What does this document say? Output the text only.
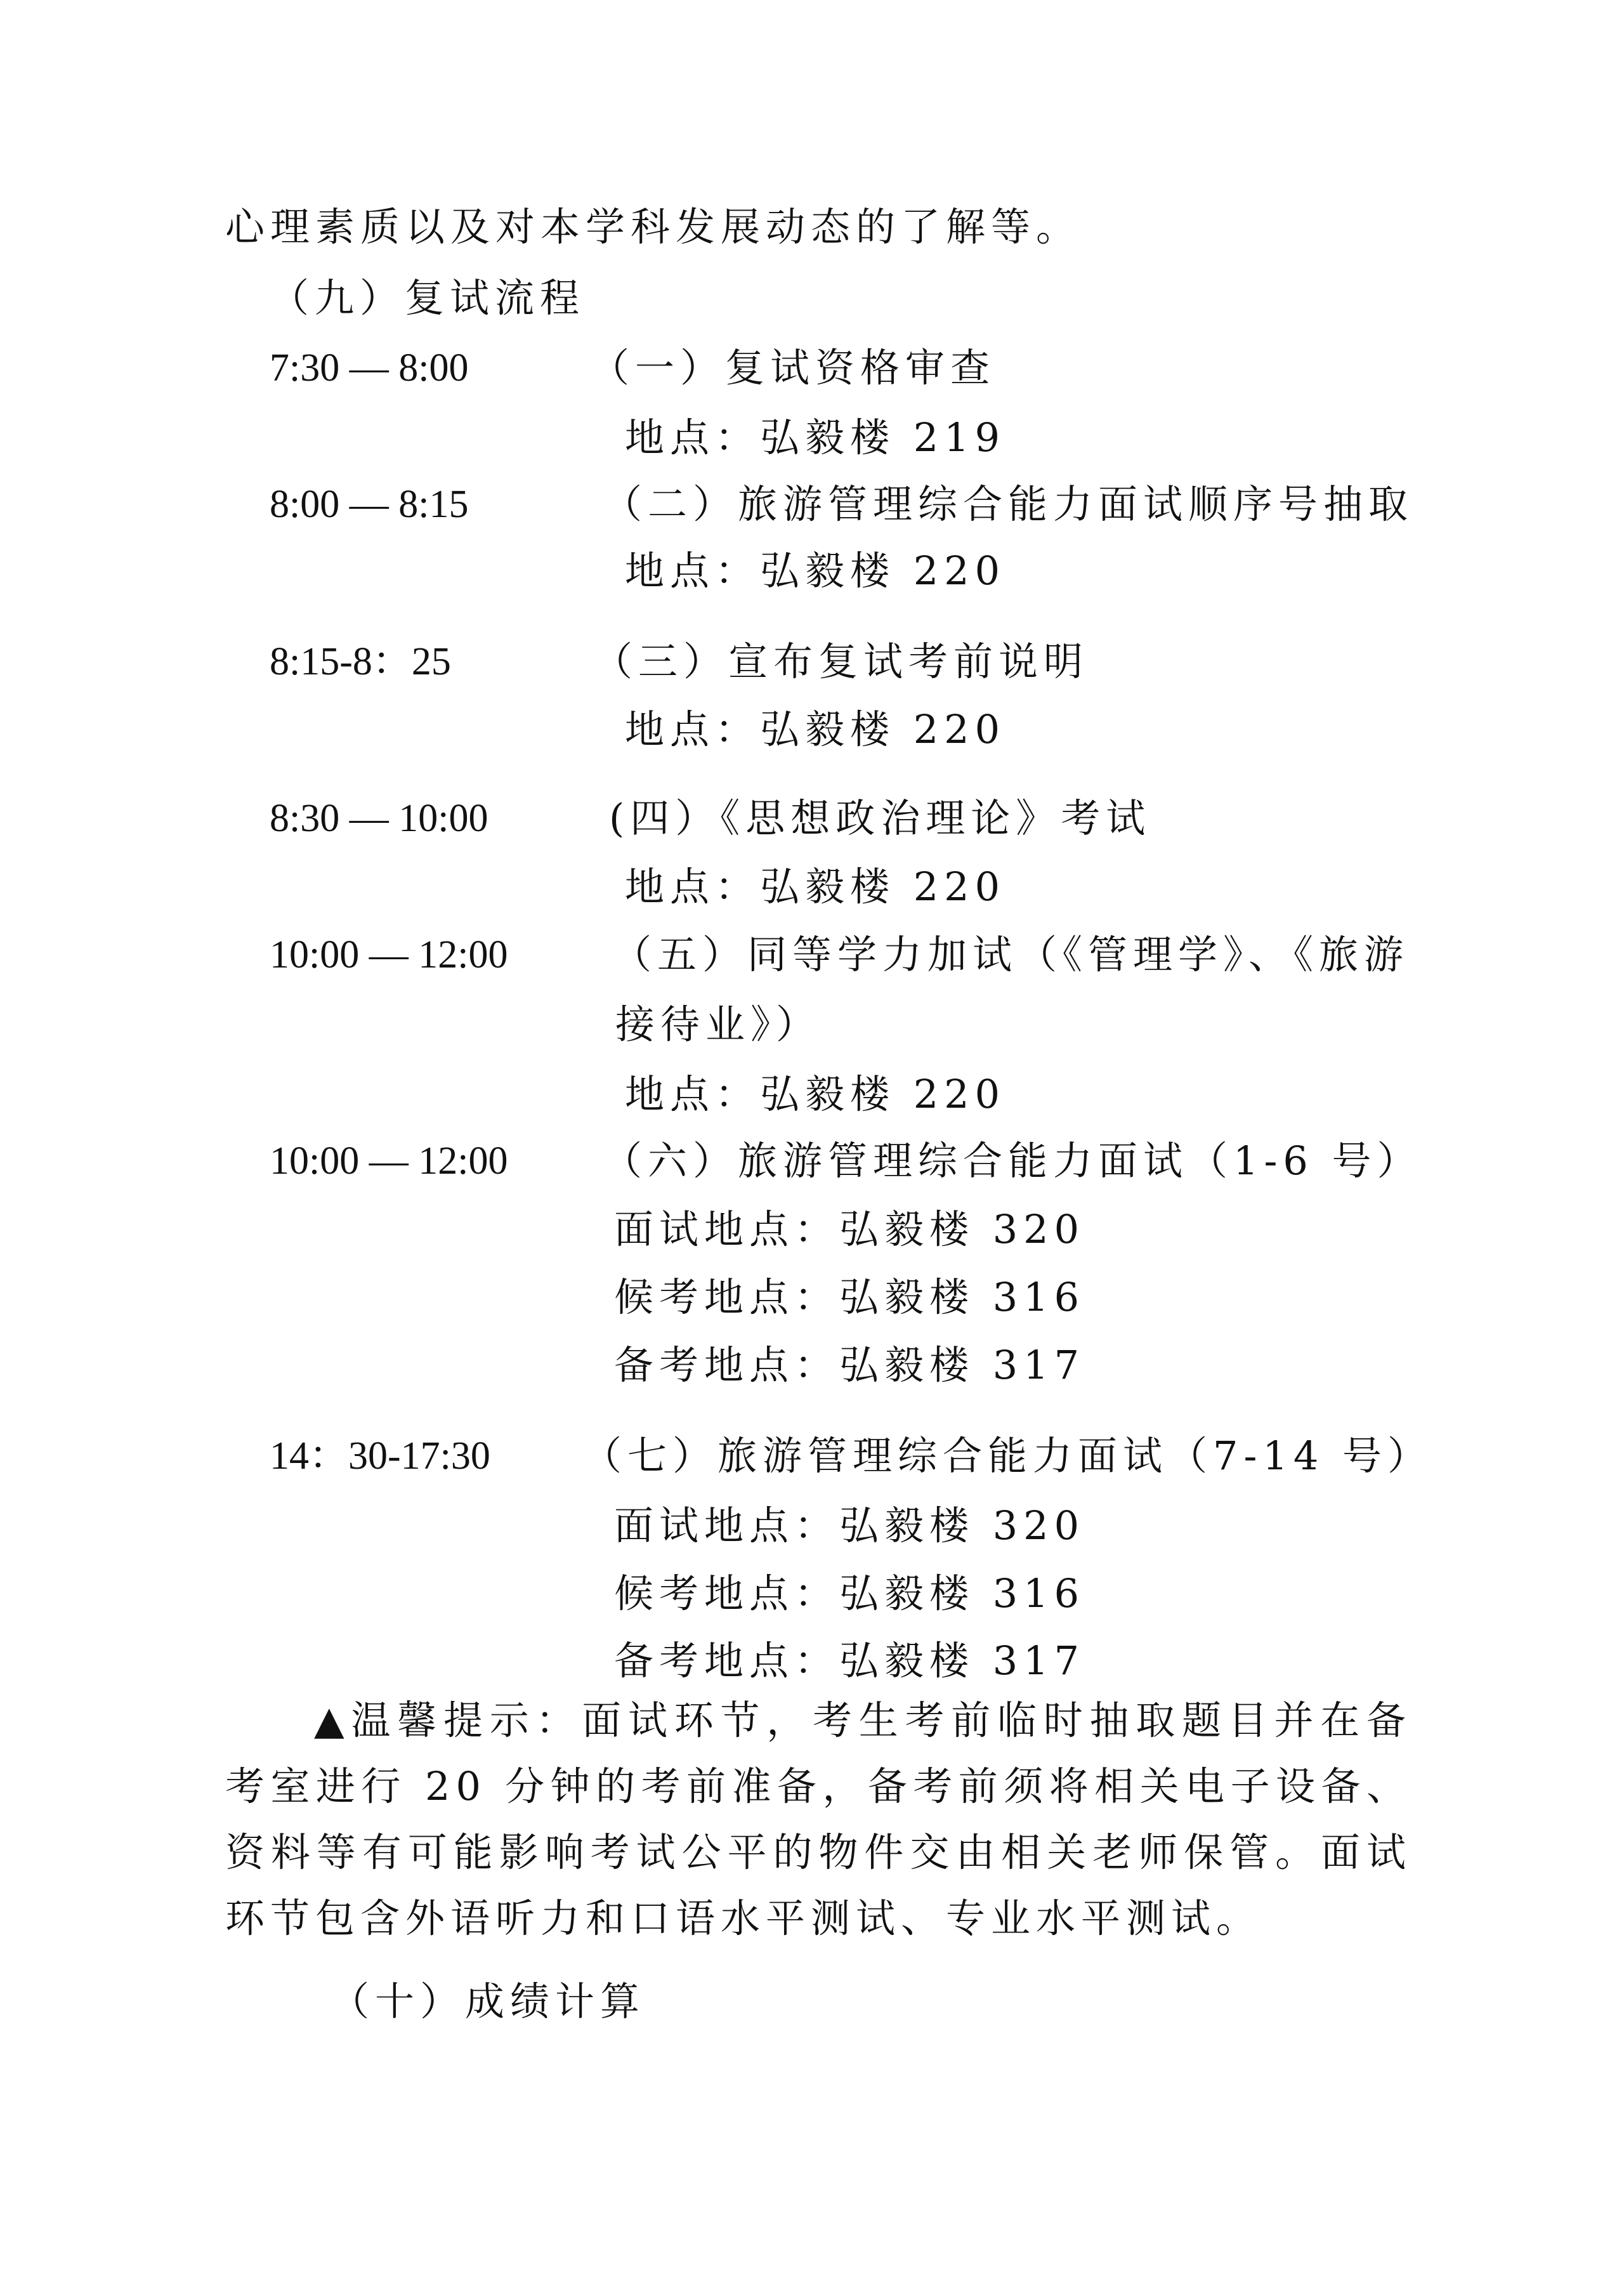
心理素质以及对本学科发展动态的了解等。
（九）复试流程
7:30 — 8:00	（一）复试资格审查
地点：弘毅楼 219
8:00 — 8:15	（二）旅游管理综合能力面试顺序号抽取
地点：弘毅楼 220
8:15-8：25	（三）宣布复试考前说明
地点：弘毅楼 220
8:30 — 10:00	(四）《思想政治理论》考试
地点：弘毅楼 220
10:00 — 12:00	（五）同等学力加试（《管理学》、《旅游
接待业》）
地点：弘毅楼 220
10:00 — 12:00 （六）旅游管理综合能力面试（1-6 号）
面试地点：弘毅楼 320
候考地点：弘毅楼 316
备考地点：弘毅楼 317
14：30-17:30 （七）旅游管理综合能力面试（7-14 号）
面试地点：弘毅楼 320
候考地点：弘毅楼 316
备考地点：弘毅楼 317
▲温馨提示：面试环节，考生考前临时抽取题目并在备考室进行 20 分钟的考前准备，备考前须将相关电子设备、资料等有可能影响考试公平的物件交由相关老师保管。面试环节包含外语听力和口语水平测试、专业水平测试。
（十）成绩计算
